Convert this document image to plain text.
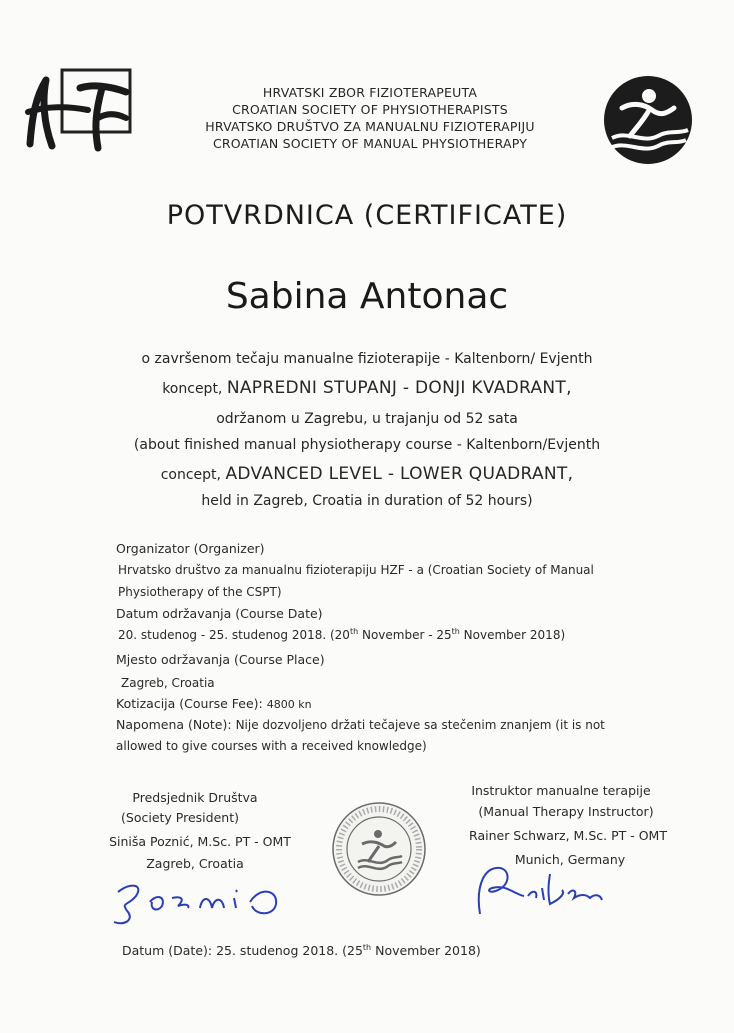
HRVATSKI ZBOR FIZIOTERAPEUTA
CROATIAN SOCIETY OF PHYSIOTHERAPISTS
HRVATSKO DRUŠTVO ZA MANUALNU FIZIOTERAPIJU
CROATIAN SOCIETY OF MANUAL PHYSIOTHERAPY
POTVRDNICA (CERTIFICATE)
Sabina Antonac
o završenom tečaju manualne fizioterapije - Kaltenborn/ Evjenth
koncept, NAPREDNI STUPANJ - DONJI KVADRANT,
održanom u Zagrebu, u trajanju od 52 sata
(about finished manual physiotherapy course - Kaltenborn/Evjenth
concept, ADVANCED LEVEL - LOWER QUADRANT,
held in Zagreb, Croatia in duration of 52 hours)
Organizator (Organizer)
Hrvatsko društvo za manualnu fizioterapiju HZF - a (Croatian Society of Manual
Physiotherapy of the CSPT)
Datum održavanja (Course Date)
20. studenog - 25. studenog 2018. (20th November - 25th November 2018)
Mjesto održavanja (Course Place)
Zagreb, Croatia
Kotizacija (Course Fee): 4800 kn
Napomena (Note): Nije dozvoljeno držati tečajeve sa stečenim znanjem (it is not
allowed to give courses with a received knowledge)
Predsjednik Društva
(Society President)
Siniša Poznić, M.Sc. PT - OMT
Zagreb, Croatia
Instruktor manualne terapije
(Manual Therapy Instructor)
Rainer Schwarz, M.Sc. PT - OMT
Munich, Germany
Datum (Date): 25. studenog 2018. (25th November 2018)
